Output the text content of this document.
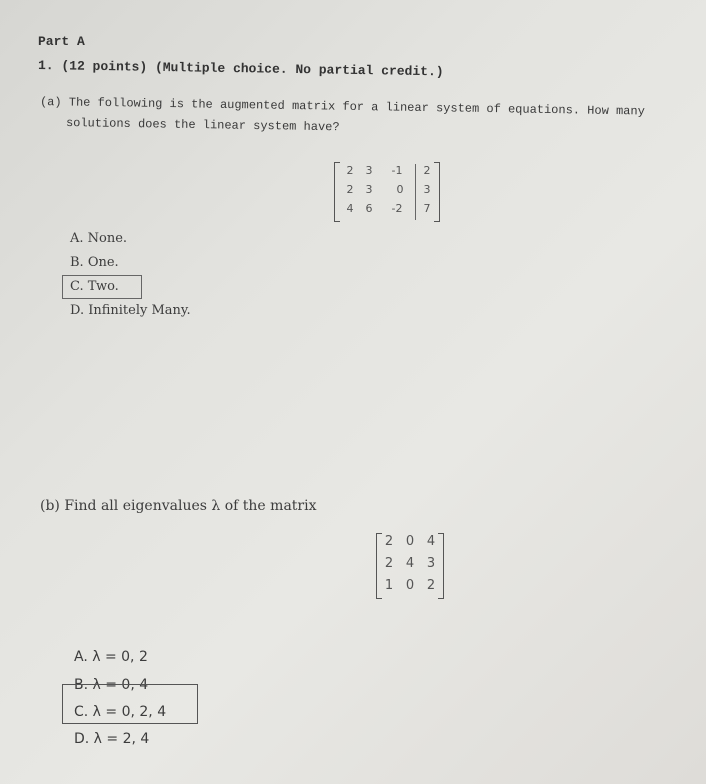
Part A
1. (12 points) (Multiple choice. No partial credit.)
(a) The following is the augmented matrix for a linear system of equations. How many
solutions does the linear system have?
2	3	-1	2
2	3	0	3
4	6	-2	7
A. None.
B. One.
C. Two.
D. Infinitely Many.
(b) Find all eigenvalues λ of the matrix
2 0 4
2 4 3
1 0 2
A. λ = 0, 2
B. λ = 0, 4
C. λ = 0, 2, 4
D. λ = 2, 4
